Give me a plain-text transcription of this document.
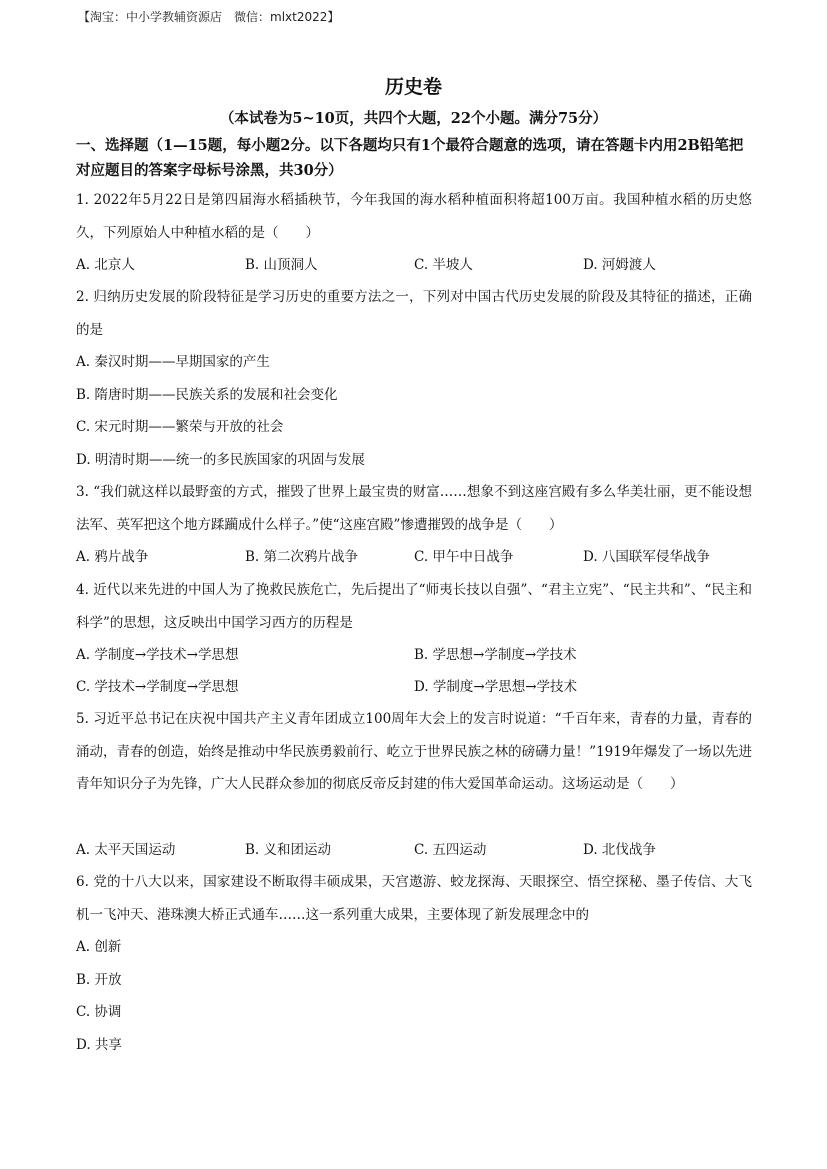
【淘宝：中小学教辅资源店　微信：mlxt2022】
历史卷
（本试卷为5~10页，共四个大题，22个小题。满分75分）
一、选择题（1—15题，每小题2分。以下各题均只有1个最符合题意的选项，请在答题卡内用2B铅笔把对应题目的答案字母标号涂黑，共30分）
1. 2022年5月22日是第四届海水稻插秧节，今年我国的海水稻种植面积将超100万亩。我国种植水稻的历史悠久，下列原始人中种植水稻的是（　　）
A. 北京人	B. 山顶洞人	C. 半坡人	D. 河姆渡人
2. 归纳历史发展的阶段特征是学习历史的重要方法之一，下列对中国古代历史发展的阶段及其特征的描述，正确的是
A. 秦汉时期——早期国家的产生
B. 隋唐时期——民族关系的发展和社会变化
C. 宋元时期——繁荣与开放的社会
D. 明清时期——统一的多民族国家的巩固与发展
3. “我们就这样以最野蛮的方式，摧毁了世界上最宝贵的财富……想象不到这座宫殿有多么华美壮丽，更不能设想法军、英军把这个地方蹂躏成什么样子。”使“这座宫殿”惨遭摧毁的战争是（　　）
A. 鸦片战争	B. 第二次鸦片战争	C. 甲午中日战争	D. 八国联军侵华战争
4. 近代以来先进的中国人为了挽救民族危亡，先后提出了“师夷长技以自强”、“君主立宪”、“民主共和”、“民主和科学”的思想，这反映出中国学习西方的历程是
A. 学制度→学技术→学思想	B. 学思想→学制度→学技术
C. 学技术→学制度→学思想	D. 学制度→学思想→学技术
5. 习近平总书记在庆祝中国共产主义青年团成立100周年大会上的发言时说道：“千百年来，青春的力量，青春的涌动，青春的创造，始终是推动中华民族勇毅前行、屹立于世界民族之林的磅礴力量！”1919年爆发了一场以先进青年知识分子为先锋，广大人民群众参加的彻底反帝反封建的伟大爱国革命运动。这场运动是（　　）
A. 太平天国运动	B. 义和团运动	C. 五四运动	D. 北伐战争
6. 党的十八大以来，国家建设不断取得丰硕成果，天宫遨游、蛟龙探海、天眼探空、悟空探秘、墨子传信、大飞机一飞冲天、港珠澳大桥正式通车……这一系列重大成果，主要体现了新发展理念中的
A. 创新
B. 开放
C. 协调
D. 共享
